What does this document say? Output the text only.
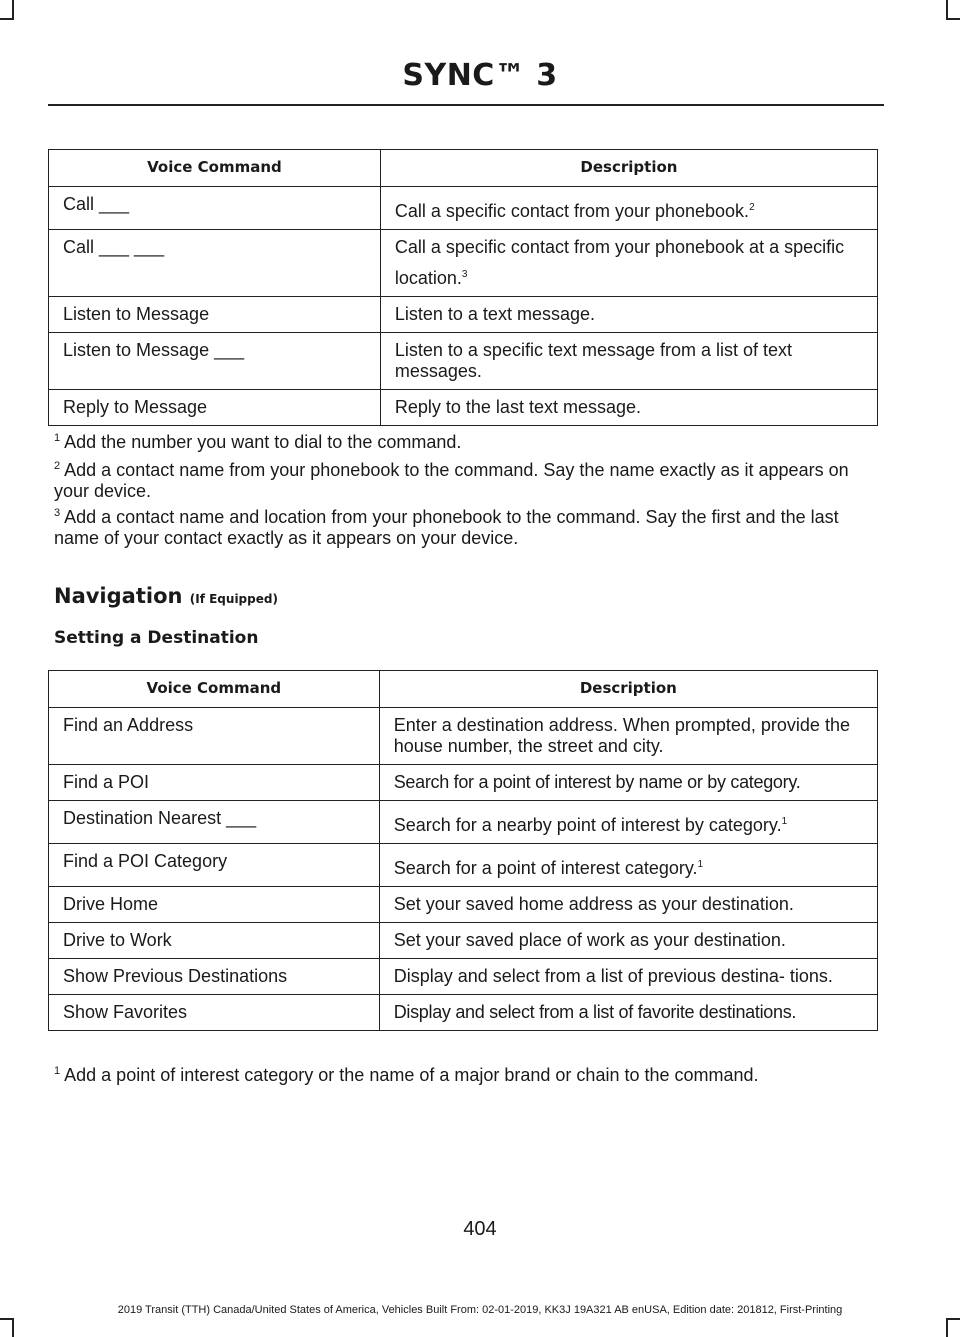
SYNC™ 3
Voice Command	Description
Call ___	Call a specific contact from your phonebook.$^2$
Call ___ ___	Call a specific contact from your phonebook at a specific location.$^3$
Listen to Message	Listen to a text message.
Listen to Message ___	Listen to a specific text message from a list of text messages.
Reply to Message	Reply to the last text message.
$^1$ Add the number you want to dial to the command.
$^2$ Add a contact name from your phonebook to the command. Say the name exactly as it appears on your device.
$^3$ Add a contact name and location from your phonebook to the command. Say the first and the last name of your contact exactly as it appears on your device.
Navigation (If Equipped)
Setting a Destination
Voice Command	Description
Find an Address	Enter a destination address. When prompted, provide the house number, the street and city.
Find a POI	Search for a point of interest by name or by category.
Destination Nearest ___	Search for a nearby point of interest by category.$^1$
Find a POI Category	Search for a point of interest category.$^1$
Drive Home	Set your saved home address as your destination.
Drive to Work	Set your saved place of work as your destination.
Show Previous Destinations	Display and select from a list of previous destina- tions.
Show Favorites	Display and select from a list of favorite destinations.
$^1$ Add a point of interest category or the name of a major brand or chain to the command.
404
2019 Transit (TTH) Canada/United States of America, Vehicles Built From: 02-01-2019, KK3J 19A321 AB enUSA, Edition date: 201812, First-Printing
